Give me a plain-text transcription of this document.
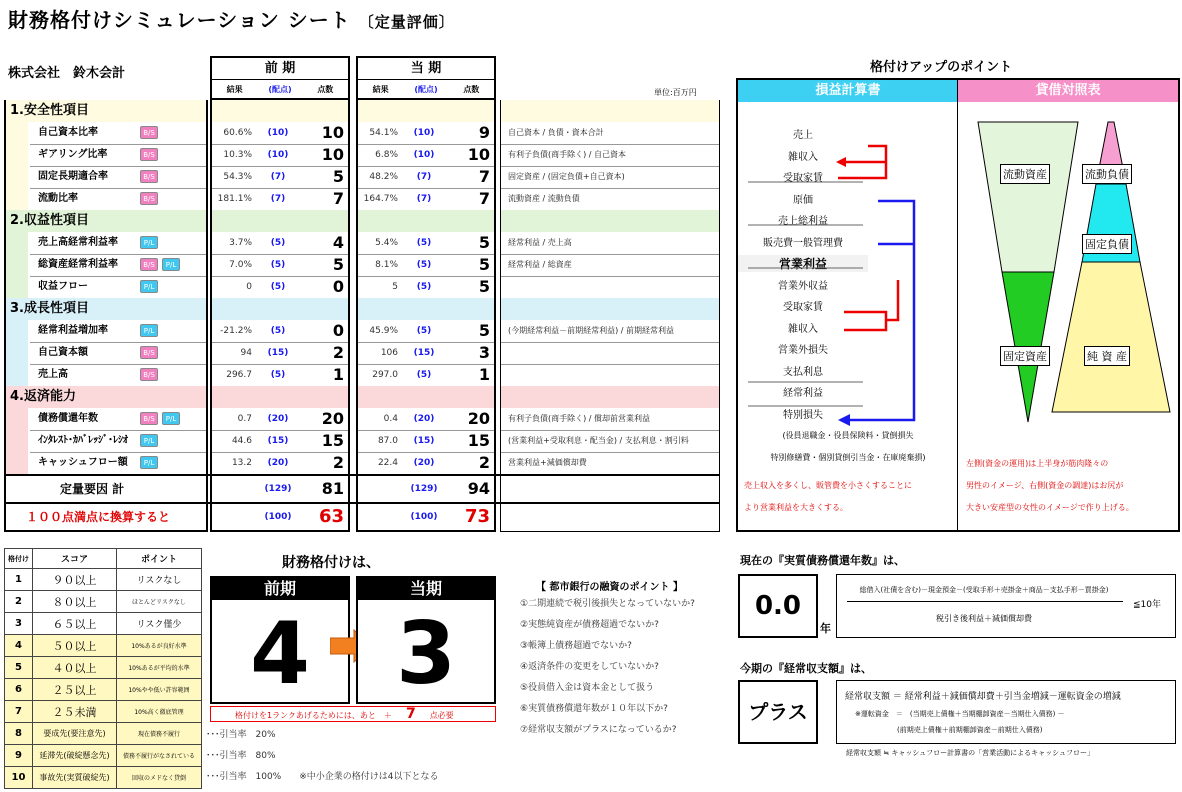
財務格付けシミュレーション シート 〔定量評価〕
株式会社　鈴木会計
単位:百万円
前 期
結果	(配点)	点数
当 期
結果	(配点)	点数
1.安全性項目
自己資本比率	B/S	60.6%	(10)	10	54.1%	(10)	9	自己資本 / 負債・資本合計
ギアリング比率	B/S	10.3%	(10)	10	6.8%	(10)	10	有利子負債(商手除く) / 自己資本
固定長期適合率	B/S	54.3%	(7)	5	48.2%	(7)	7	固定資産 / (固定負債+自己資本)
流動比率	B/S	181.1%	(7)	7	164.7%	(7)	7	流動資産 / 流動負債
2.収益性項目
売上高経常利益率	P/L	3.7%	(5)	4	5.4%	(5)	5	経常利益 / 売上高
総資産経常利益率	B/S	P/L	7.0%	(5)	5	8.1%	(5)	5	経常利益 / 総資産
収益フロー	P/L	0	(5)	0	5	(5)	5
3.成長性項目
経常利益増加率	P/L	-21.2%	(5)	0	45.9%	(5)	5	(今期経常利益－前期経常利益) / 前期経常利益
自己資本額	B/S	94	(15)	2	106	(15)	3
売上高	B/S	296.7	(5)	1	297.0	(5)	1
4.返済能力
債務償還年数	B/S	P/L	0.7	(20)	20	0.4	(20)	20	有利子負債(商手除く) / 償却前営業利益
ｲﾝﾀﾚｽﾄ･ｶﾊﾞﾚｯｼﾞ･ﾚｼｵ	P/L	44.6	(15)	15	87.0	(15)	15	(営業利益+受取利息・配当金) / 支払利息・割引料
キャッシュフロー額	P/L	13.2	(20)	2	22.4	(20)	2	営業利益+減価償却費
定量要因 計	(129)	81	(129)	94
１００点満点に換算すると	(100)	63	(100)	73
格付けアップのポイント
損益計算書	貸借対照表
売上
雑収入
受取家賃
原価
売上総利益
販売費一般管理費
営業利益
営業外収益
受取家賃
雑収入
営業外損失
支払利息
経常利益
特別損失
(役員退職金・役員保険料・貸倒損失
特別修繕費・個別貸倒引当金・在庫廃棄損)
売上収入を多くし、販管費を小さくすることに
より営業利益を大きくする。
流動資産	流動負債
固定負債
固定資産	純 資 産
左側(資金の運用)は上半身が筋肉隆々の
男性のイメージ、右側(資金の調達)はお尻が
大きい安産型の女性のイメージで作り上げる。
格付け	スコア	ポイント
1	９０以上	リスクなし
2	８０以上	ほとんどリスクなし
3	６５以上	リスク僅少
4	５０以上	10%あるが良好水準
5	４０以上	10%あるが平均的水準
6	２５以上	10%やや低い許容範囲
7	２５未満	10%高く徹底管理
8	要成先(要注意先)	現在債務不履行
9	延滞先(破綻懸念先)	債務不履行がなされている
10	事故先(実質破綻先)	回収のメドなく貸倒
･･･引当率　20%
･･･引当率　80%
･･･引当率　100%　　※中小企業の格付けは4以下となる
財務格付けは、
前期
4
当期
3
格付けを1ランクあげるためには、あと　＋ 7 点必要
【 都市銀行の融資のポイント 】
①二期連続で税引後損失となっていないか?
②実態純資産が債務超過でないか?
③帳簿上債務超過でないか?
④返済条件の変更をしていないか?
⑤役員借入金は資本金として扱う
⑥実質債務償還年数が１０年以下か?
⑦経常収支額がプラスになっているか?
現在の『実質債務償還年数』は、
0.0
年
総借入(社債を含む)－現金預金－(受取手形＋売掛金＋商品－支払手形－買掛金)
税引き後利益＋減価償却費
≦10年
今期の『経常収支額』は、
プラス
経常収支額 ＝ 経常利益＋減価償却費＋引当金増減－運転資金の増減
※運転資金　＝　(当期売上債権＋当期棚卸資産－当期仕入債務) －
(前期売上債権＋前期棚卸資産－前期仕入債務)
経常収支額 ≒ キャッシュフロー計算書の「営業活動によるキャッシュフロー」
